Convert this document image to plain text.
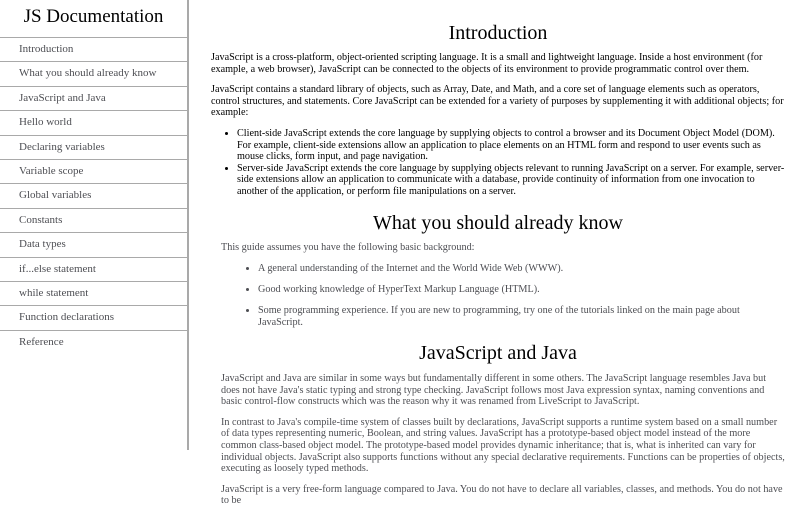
JS Documentation
Introduction
What you should already know
JavaScript and Java
Hello world
Declaring variables
Variable scope
Global variables
Constants
Data types
if...else statement
while statement
Function declarations
Reference
Introduction

JavaScript is a cross-platform, object-oriented scripting language. It is a small and lightweight language. Inside a host environment (for example, a web browser), JavaScript can be connected to the objects of its environment to provide programmatic control over them.

JavaScript contains a standard library of objects, such as Array, Date, and Math, and a core set of language elements such as operators, control structures, and statements. Core JavaScript can be extended for a variety of purposes by supplementing it with additional objects; for example:

• Client-side JavaScript extends the core language by supplying objects to control a browser and its Document Object Model (DOM). For example, client-side extensions allow an application to place elements on an HTML form and respond to user events such as mouse clicks, form input, and page navigation.
• Server-side JavaScript extends the core language by supplying objects relevant to running JavaScript on a server. For example, server-side extensions allow an application to communicate with a database, provide continuity of information from one invocation to another of the application, or perform file manipulations on a server.
What you should already know

This guide assumes you have the following basic background:

• A general understanding of the Internet and the World Wide Web (WWW).
• Good working knowledge of HyperText Markup Language (HTML).
• Some programming experience. If you are new to programming, try one of the tutorials linked on the main page about JavaScript.
JavaScript and Java

JavaScript and Java are similar in some ways but fundamentally different in some others. The JavaScript language resembles Java but does not have Java's static typing and strong type checking. JavaScript follows most Java expression syntax, naming conventions and basic control-flow constructs which was the reason why it was renamed from LiveScript to JavaScript.

In contrast to Java's compile-time system of classes built by declarations, JavaScript supports a runtime system based on a small number of data types representing numeric, Boolean, and string values. JavaScript has a prototype-based object model instead of the more common class-based object model. The prototype-based model provides dynamic inheritance; that is, what is inherited can vary for individual objects. JavaScript also supports functions without any special declarative requirements. Functions can be properties of objects, executing as loosely typed methods.

JavaScript is a very free-form language compared to Java. You do not have to declare all variables, classes, and methods. You do not have to be
